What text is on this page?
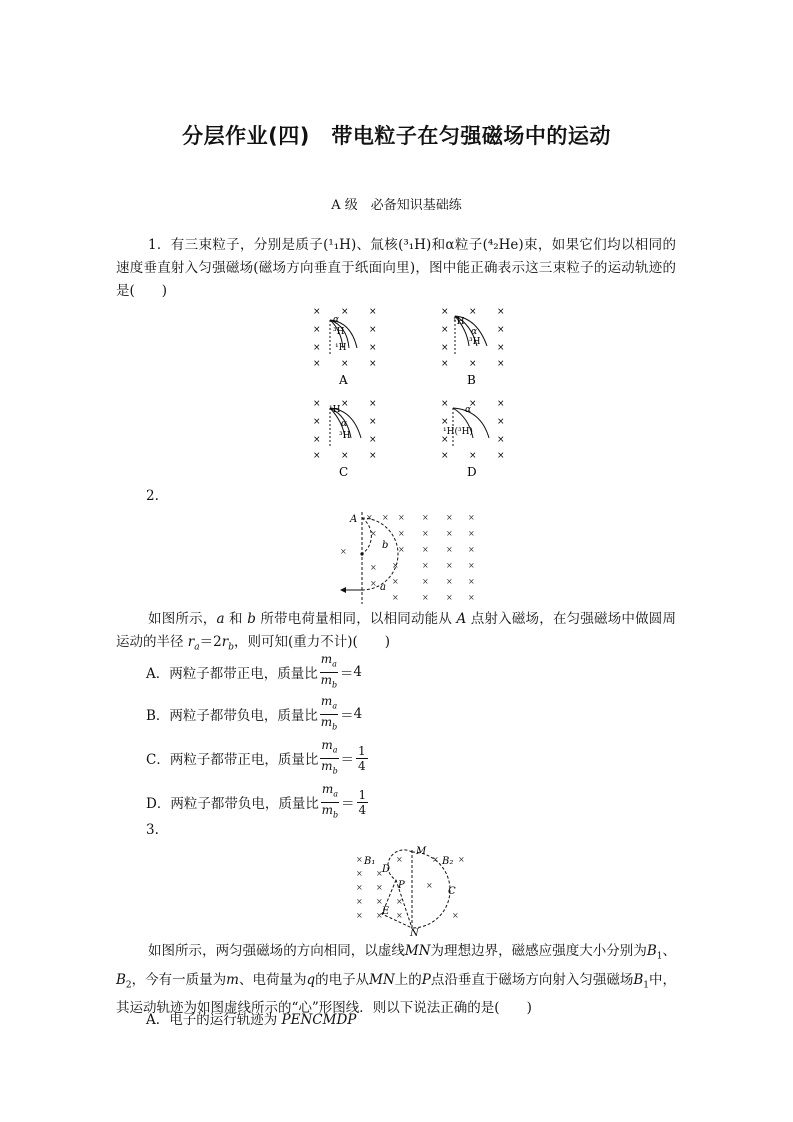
分层作业(四)　带电粒子在匀强磁场中的运动
A 级　必备知识基础练
1．有三束粒子，分别是质子(¹₁H)、氚核(³₁H)和α粒子(⁴₂He)束，如果它们均以相同的速度垂直射入匀强磁场(磁场方向垂直于纸面向里)，图中能正确表示这三束粒子的运动轨迹的是(　　)
×	×	×
×	×
×	×
×	×	×
α
³H
¹H
A
¹H
α
³H
B
¹H
α
³H
C
α
¹H(³H)
D
2.
× × × × × ×
× × × ×
× × × ×
×
×	× × ×
×	× × ×
×	× × ×
×
×
×
A
a
b
如图所示，a 和 b 所带电荷量相同，以相同动能从 A 点射入磁场，在匀强磁场中做圆周运动的半径 $r_a=2r_b$，则可知(重力不计)(　　)
A．两粒子都带正电，质量比 $\frac{m_a}{m_b} = 4$
B．两粒子都带负电，质量比 $\frac{m_a}{m_b} = 4$
C．两粒子都带正电，质量比 $\frac{m_a}{m_b}$ ＝
1
4
D．两粒子都带负电，质量比 $\frac{m_a}{m_b}$ ＝
1
4
3.
×
×
×
×
×
×
×
×
×
×
×
×
×
×
×
×
M
N
B₁	B₂
C
D
E
P
如图所示，两匀强磁场的方向相同，以虚线MN为理想边界，磁感应强度大小分别为$B_1$、$B_2$，今有一质量为m、电荷量为q的电子从MN上的P点沿垂直于磁场方向射入匀强磁场$B_1$中，其运动轨迹为如图虚线所示的“心”形图线．则以下说法正确的是(　　)
A．电子的运行轨迹为 PENCMDP
